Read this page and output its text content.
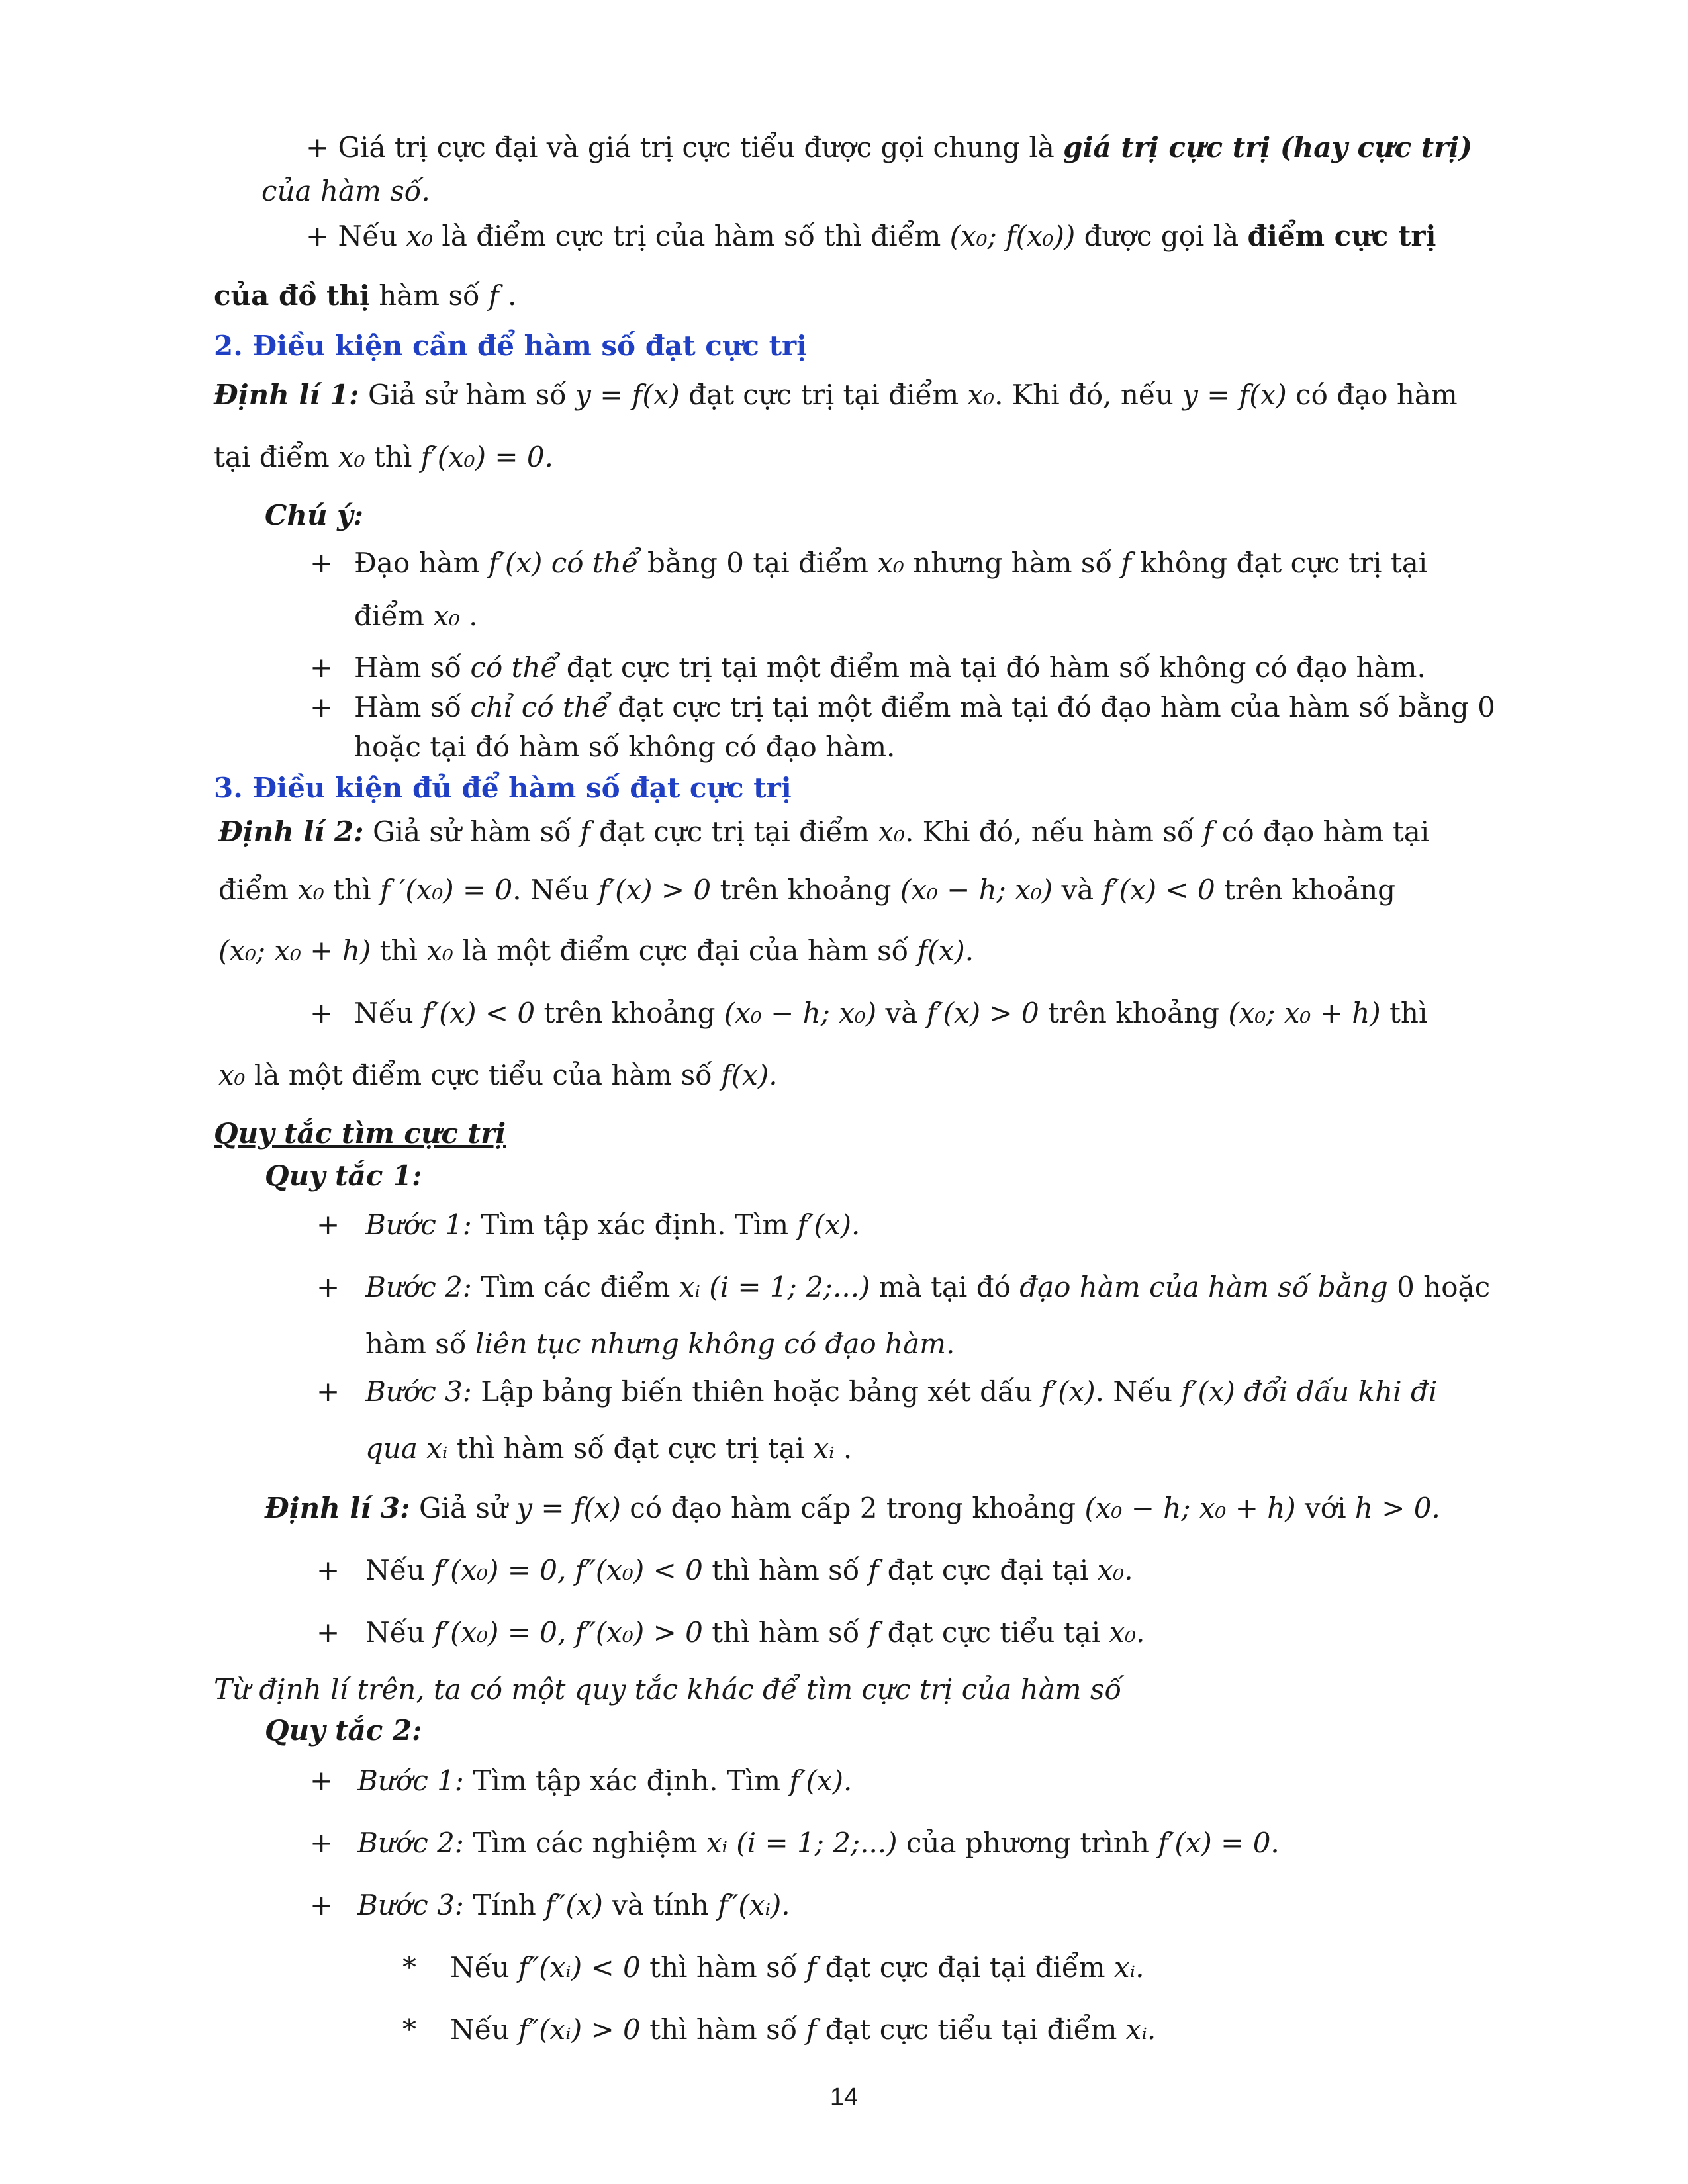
+ Giá trị cực đại và giá trị cực tiểu được gọi chung là giá trị cực trị (hay cực trị)
của hàm số.
+ Nếu x₀ là điểm cực trị của hàm số thì điểm (x₀; f(x₀)) được gọi là điểm cực trị
của đồ thị hàm số f .
2. Điều kiện cần để hàm số đạt cực trị
Định lí 1: Giả sử hàm số y = f(x) đạt cực trị tại điểm x₀. Khi đó, nếu y = f(x) có đạo hàm
tại điểm x₀ thì f′(x₀) = 0.
Chú ý:
+ Đạo hàm f′(x) có thể bằng 0 tại điểm x₀ nhưng hàm số f không đạt cực trị tại
điểm x₀ .
+ Hàm số có thể đạt cực trị tại một điểm mà tại đó hàm số không có đạo hàm.
+ Hàm số chỉ có thể đạt cực trị tại một điểm mà tại đó đạo hàm của hàm số bằng 0
hoặc tại đó hàm số không có đạo hàm.
3. Điều kiện đủ để hàm số đạt cực trị
Định lí 2: Giả sử hàm số f đạt cực trị tại điểm x₀. Khi đó, nếu hàm số f có đạo hàm tại
điểm x₀ thì f ′(x₀) = 0. Nếu f′(x) > 0 trên khoảng (x₀ − h; x₀) và f′(x) < 0 trên khoảng
(x₀; x₀ + h) thì x₀ là một điểm cực đại của hàm số f(x).
+ Nếu f′(x) < 0 trên khoảng (x₀ − h; x₀) và f′(x) > 0 trên khoảng (x₀; x₀ + h) thì
x₀ là một điểm cực tiểu của hàm số f(x).
Quy tắc tìm cực trị
Quy tắc 1:
+ Bước 1: Tìm tập xác định. Tìm f′(x).
+ Bước 2: Tìm các điểm xᵢ (i = 1; 2;...) mà tại đó đạo hàm của hàm số bằng 0 hoặc
hàm số liên tục nhưng không có đạo hàm.
+ Bước 3: Lập bảng biến thiên hoặc bảng xét dấu f′(x). Nếu f′(x) đổi dấu khi đi
qua xᵢ thì hàm số đạt cực trị tại xᵢ .
Định lí 3: Giả sử y = f(x) có đạo hàm cấp 2 trong khoảng (x₀ − h; x₀ + h) với h > 0.
+ Nếu f′(x₀) = 0, f″(x₀) < 0 thì hàm số f đạt cực đại tại x₀.
+ Nếu f′(x₀) = 0, f″(x₀) > 0 thì hàm số f đạt cực tiểu tại x₀.
Từ định lí trên, ta có một quy tắc khác để tìm cực trị của hàm số
Quy tắc 2:
+ Bước 1: Tìm tập xác định. Tìm f′(x).
+ Bước 2: Tìm các nghiệm xᵢ (i = 1; 2;...) của phương trình f′(x) = 0.
+ Bước 3: Tính f″(x) và tính f″(xᵢ).
* Nếu f″(xᵢ) < 0 thì hàm số f đạt cực đại tại điểm xᵢ.
* Nếu f″(xᵢ) > 0 thì hàm số f đạt cực tiểu tại điểm xᵢ.
14
